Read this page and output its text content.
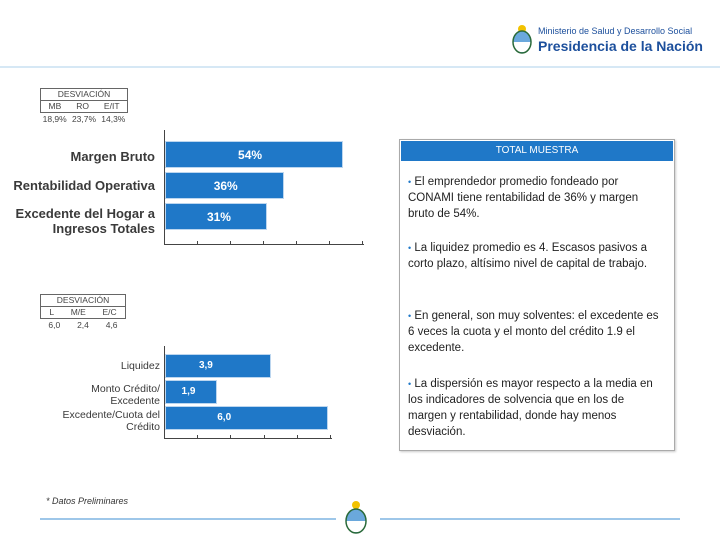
Ministerio de Salud y Desarrollo Social
Presidencia de la Nación
DESVIACIÓN
MB RO E/IT
18,9% 23,7% 14,3%
Margen Bruto
Rentabilidad Operativa
Excedente del Hogar a Ingresos Totales
54%
36%
31%
DESVIACIÓN
L M/E E/C
6,0 2,4 4,6
Liquidez
Monto Crédito/ Excedente
Excedente/Cuota del Crédito
3,9
1,9
6,0
TOTAL MUESTRA
• El emprendedor promedio fondeado por CONAMI tiene rentabilidad de 36% y margen bruto de 54%.
• La liquidez promedio es 4. Escasos pasivos a corto plazo, altísimo nivel de capital de trabajo.
• En general, son muy solventes: el excedente es 6 veces la cuota y el monto del crédito 1.9 el excedente.
• La dispersión es mayor respecto a la media en los indicadores de solvencia que en los de margen y rentabilidad, donde hay menos desviación.
* Datos Preliminares
